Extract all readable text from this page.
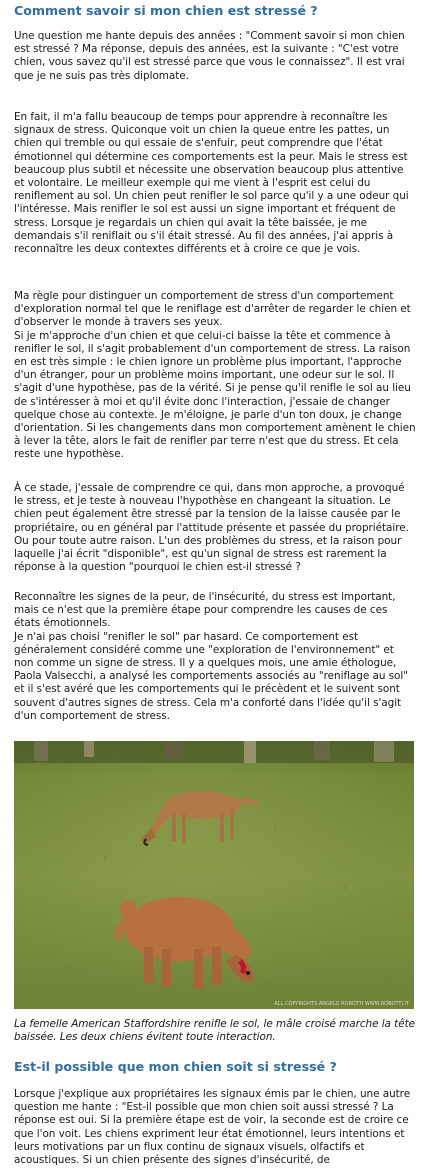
Comment savoir si mon chien est stressé ?

Une question me hante depuis des années : "Comment savoir si mon chien est stressé ? Ma réponse, depuis des années, est la suivante : "C'est votre chien, vous savez qu'il est stressé parce que vous le connaissez". Il est vrai que je ne suis pas très diplomate.

En fait, il m'a fallu beaucoup de temps pour apprendre à reconnaître les signaux de stress. Quiconque voit un chien la queue entre les pattes, un chien qui tremble ou qui essaie de s'enfuir, peut comprendre que l'état émotionnel qui détermine ces comportements est la peur. Mais le stress est beaucoup plus subtil et nécessite une observation beaucoup plus attentive et volontaire. Le meilleur exemple qui me vient à l'esprit est celui du reniflement au sol. Un chien peut renifler le sol parce qu'il y a une odeur qui l'intéresse. Mais renifler le sol est aussi un signe important et fréquent de stress. Lorsque je regardais un chien qui avait la tête baissée, je me demandais s'il reniflait ou s'il était stressé. Au fil des années, j'ai appris à reconnaître les deux contextes différents et à croire ce que je vois.

Ma règle pour distinguer un comportement de stress d'un comportement d'exploration normal tel que le reniflage est d'arrêter de regarder le chien et d'observer le monde à travers ses yeux.

Si je m'approche d'un chien et que celui-ci baisse la tête et commence à renifler le sol, il s'agit probablement d'un comportement de stress. La raison en est très simple : le chien ignore un problème plus important, l'approche d'un étranger, pour un problème moins important, une odeur sur le sol. Il s'agit d'une hypothèse, pas de la vérité. Si je pense qu'il renifle le sol au lieu de s'intéresser à moi et qu'il évite donc l'interaction, j'essaie de changer quelque chose au contexte. Je m'éloigne, je parle d'un ton doux, je change d'orientation. Si les changements dans mon comportement amènent le chien à lever la tête, alors le fait de renifler par terre n'est que du stress. Et cela reste une hypothèse.

À ce stade, j'essaie de comprendre ce qui, dans mon approche, a provoqué le stress, et je teste à nouveau l'hypothèse en changeant la situation. Le chien peut également être stressé par la tension de la laisse causée par le propriétaire, ou en général par l'attitude présente et passée du propriétaire. Ou pour toute autre raison. L'un des problèmes du stress, et la raison pour laquelle j'ai écrit "disponible", est qu'un signal de stress est rarement la réponse à la question "pourquoi le chien est-il stressé ?

Reconnaître les signes de la peur, de l'insécurité, du stress est important, mais ce n'est que la première étape pour comprendre les causes de ces états émotionnels.

Je n'ai pas choisi "renifler le sol" par hasard. Ce comportement est généralement considéré comme une "exploration de l'environnement" et non comme un signe de stress. Il y a quelques mois, une amie éthologue, Paola Valsecchi, a analysé les comportements associés au "reniflage au sol" et il s'est avéré que les comportements qui le précèdent et le suivent sont souvent d'autres signes de stress. Cela m'a conforté dans l'idée qu'il s'agit d'un comportement de stress.

ALL COPYRIGHTS ANGELO ROBOTTI WWW.ROBOTTI.IT

La femelle American Staffordshire renifle le sol, le mâle croisé marche la tête baissée. Les deux chiens évitent toute interaction.

Est-il possible que mon chien soit si stressé ?

Lorsque j'explique aux propriétaires les signaux émis par le chien, une autre question me hante : "Est-il possible que mon chien soit aussi stressé ? La réponse est oui. Si la première étape est de voir, la seconde est de croire ce que l'on voit. Les chiens expriment leur état émotionnel, leurs intentions et leurs motivations par un flux continu de signaux visuels, olfactifs et acoustiques. Si un chien présente des signes d'insécurité, de
